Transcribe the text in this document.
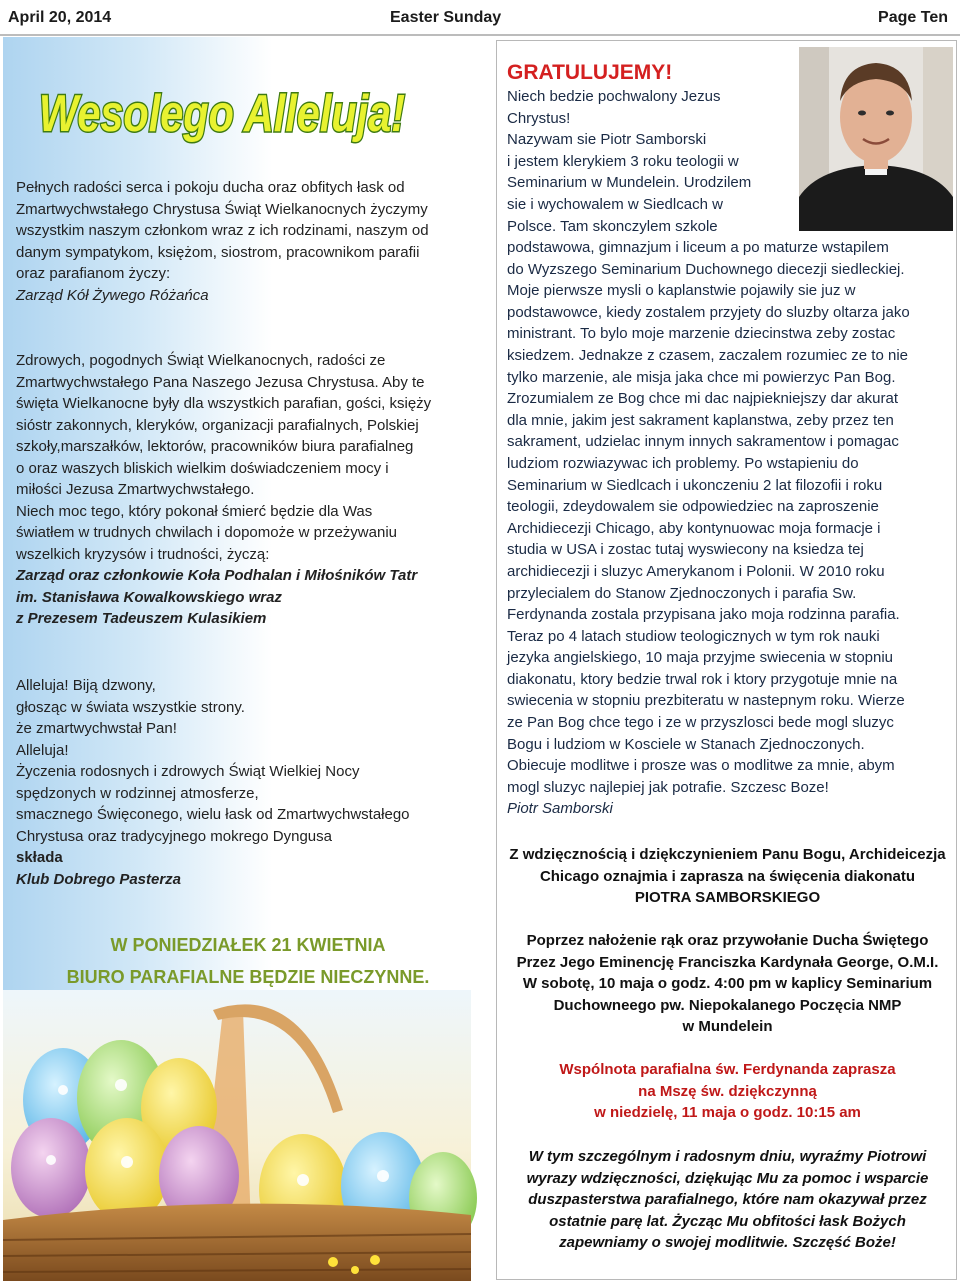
April 20, 2014	Easter Sunday	Page Ten
Wesolego Alleluja!

Pełnych radości serca i pokoju ducha oraz obfitych łask od

Zmartwychwstałego Chrystusa Świąt Wielkanocnych życzymy

wszystkim naszym członkom wraz z ich rodzinami, naszym od

danym sympatykom, księżom, siostrom, pracownikom parafii

oraz parafianom życzy:

Zarząd Kół Żywego Różańca

Zdrowych, pogodnych Świąt Wielkanocnych, radości ze

Zmartwychwstałego Pana Naszego Jezusa Chrystusa. Aby te

święta Wielkanocne były dla wszystkich parafian, gości, księży

sióstr zakonnych, kleryków, organizacji parafialnych, Polskiej

szkoły,marszałków, lektorów, pracowników biura parafialneg

o oraz waszych bliskich wielkim doświadczeniem mocy i

miłości Jezusa Zmartwychwstałego.

Niech moc tego, który pokonał śmierć będzie dla Was

światłem w trudnych chwilach i dopomoże w przeżywaniu

wszelkich kryzysów i trudności, życzą:

Zarząd oraz członkowie Koła Podhalan i Miłośników Tatr

im. Stanisława Kowalkowskiego wraz

z Prezesem Tadeuszem Kulasikiem

Alleluja! Biją dzwony,

głosząc w świata wszystkie strony.

że zmartwychwstał Pan!

Alleluja!

Życzenia rodosnych i zdrowych Świąt Wielkiej Nocy

spędzonych w rodzinnej atmosferze,

smacznego Święconego, wielu łask od Zmartwychwstałego

Chrystusa oraz tradycyjnego mokrego Dyngusa

składa

Klub Dobrego Pasterza

W PONIEDZIAŁEK 21 KWIETNIA
BIURO PARAFIALNE BĘDZIE NIECZYNNE.
GRATULUJEMY!

Niech bedzie pochwalony Jezus

Chrystus!

Nazywam sie Piotr Samborski

i jestem klerykiem 3 roku teologii w

Seminarium w Mundelein. Urodzilem

sie i wychowalem w Siedlcach w

Polsce. Tam skonczylem szkole

podstawowa, gimnazjum i liceum a po maturze wstapilem

do Wyzszego Seminarium Duchownego diecezji siedleckiej.

Moje pierwsze mysli o kaplanstwie pojawily sie juz w

podstawowce, kiedy zostalem przyjety do sluzby oltarza jako

ministrant. To bylo moje marzenie dziecinstwa zeby zostac

ksiedzem. Jednakze z czasem, zaczalem rozumiec ze to nie

tylko marzenie, ale misja jaka chce mi powierzyc Pan Bog.

Zrozumialem ze Bog chce mi dac najpiekniejszy dar akurat

dla mnie, jakim jest sakrament kaplanstwa, zeby przez ten

sakrament, udzielac innym innych sakramentow i pomagac

ludziom rozwiazywac ich problemy. Po wstapieniu do

Seminarium w Siedlcach i ukonczeniu 2 lat filozofii i roku

teologii, zdeydowalem sie odpowiedziec na zaproszenie

Archidiecezji Chicago, aby kontynuowac moja formacje i

studia w USA i zostac tutaj wyswiecony na ksiedza tej

archidiecezji i sluzyc Amerykanom i Polonii. W 2010 roku

przylecialem do Stanow Zjednoczonych i parafia Sw.

Ferdynanda zostala przypisana jako moja rodzinna parafia.

Teraz po 4 latach studiow teologicznych w tym rok nauki

jezyka angielskiego, 10 maja przyjme swiecenia w stopniu

diakonatu, ktory bedzie trwal rok i ktory przygotuje mnie na

swiecenia w stopniu prezbiteratu w nastepnym roku. Wierze

ze Pan Bog chce tego i ze w przyszlosci bede mogl sluzyc

Bogu i ludziom w Kosciele w Stanach Zjednoczonych.

Obiecuje modlitwe i prosze was o modlitwe za mnie, abym

mogl sluzyc najlepiej jak potrafie. Szczesc Boze!

Piotr Samborski

Z wdzięcznością i dziękczynieniem Panu Bogu, Archideicezja

Chicago oznajmia i zaprasza na święcenia diakonatu

PIOTRA SAMBORSKIEGO

Poprzez nałożenie rąk oraz przywołanie Ducha Świętego

Przez Jego Eminencję Franciszka Kardynała George, O.M.I.

W sobotę, 10 maja o godz. 4:00 pm w kaplicy Seminarium

Duchowneego pw. Niepokalanego Poczęcia NMP

w Mundelein

Wspólnota parafialna św. Ferdynanda zaprasza

na Mszę św. dziękczynną

w niedzielę, 11 maja o godz. 10:15 am

W tym szczególnym i radosnym dniu, wyraźmy Piotrowi

wyrazy wdzięczności, dziękując Mu za pomoc i wsparcie

duszpasterstwa parafialnego, które nam okazywał przez

ostatnie parę lat. Życząc Mu obfitości łask Bożych

zapewniamy o swojej modlitwie. Szczęść Boże!
